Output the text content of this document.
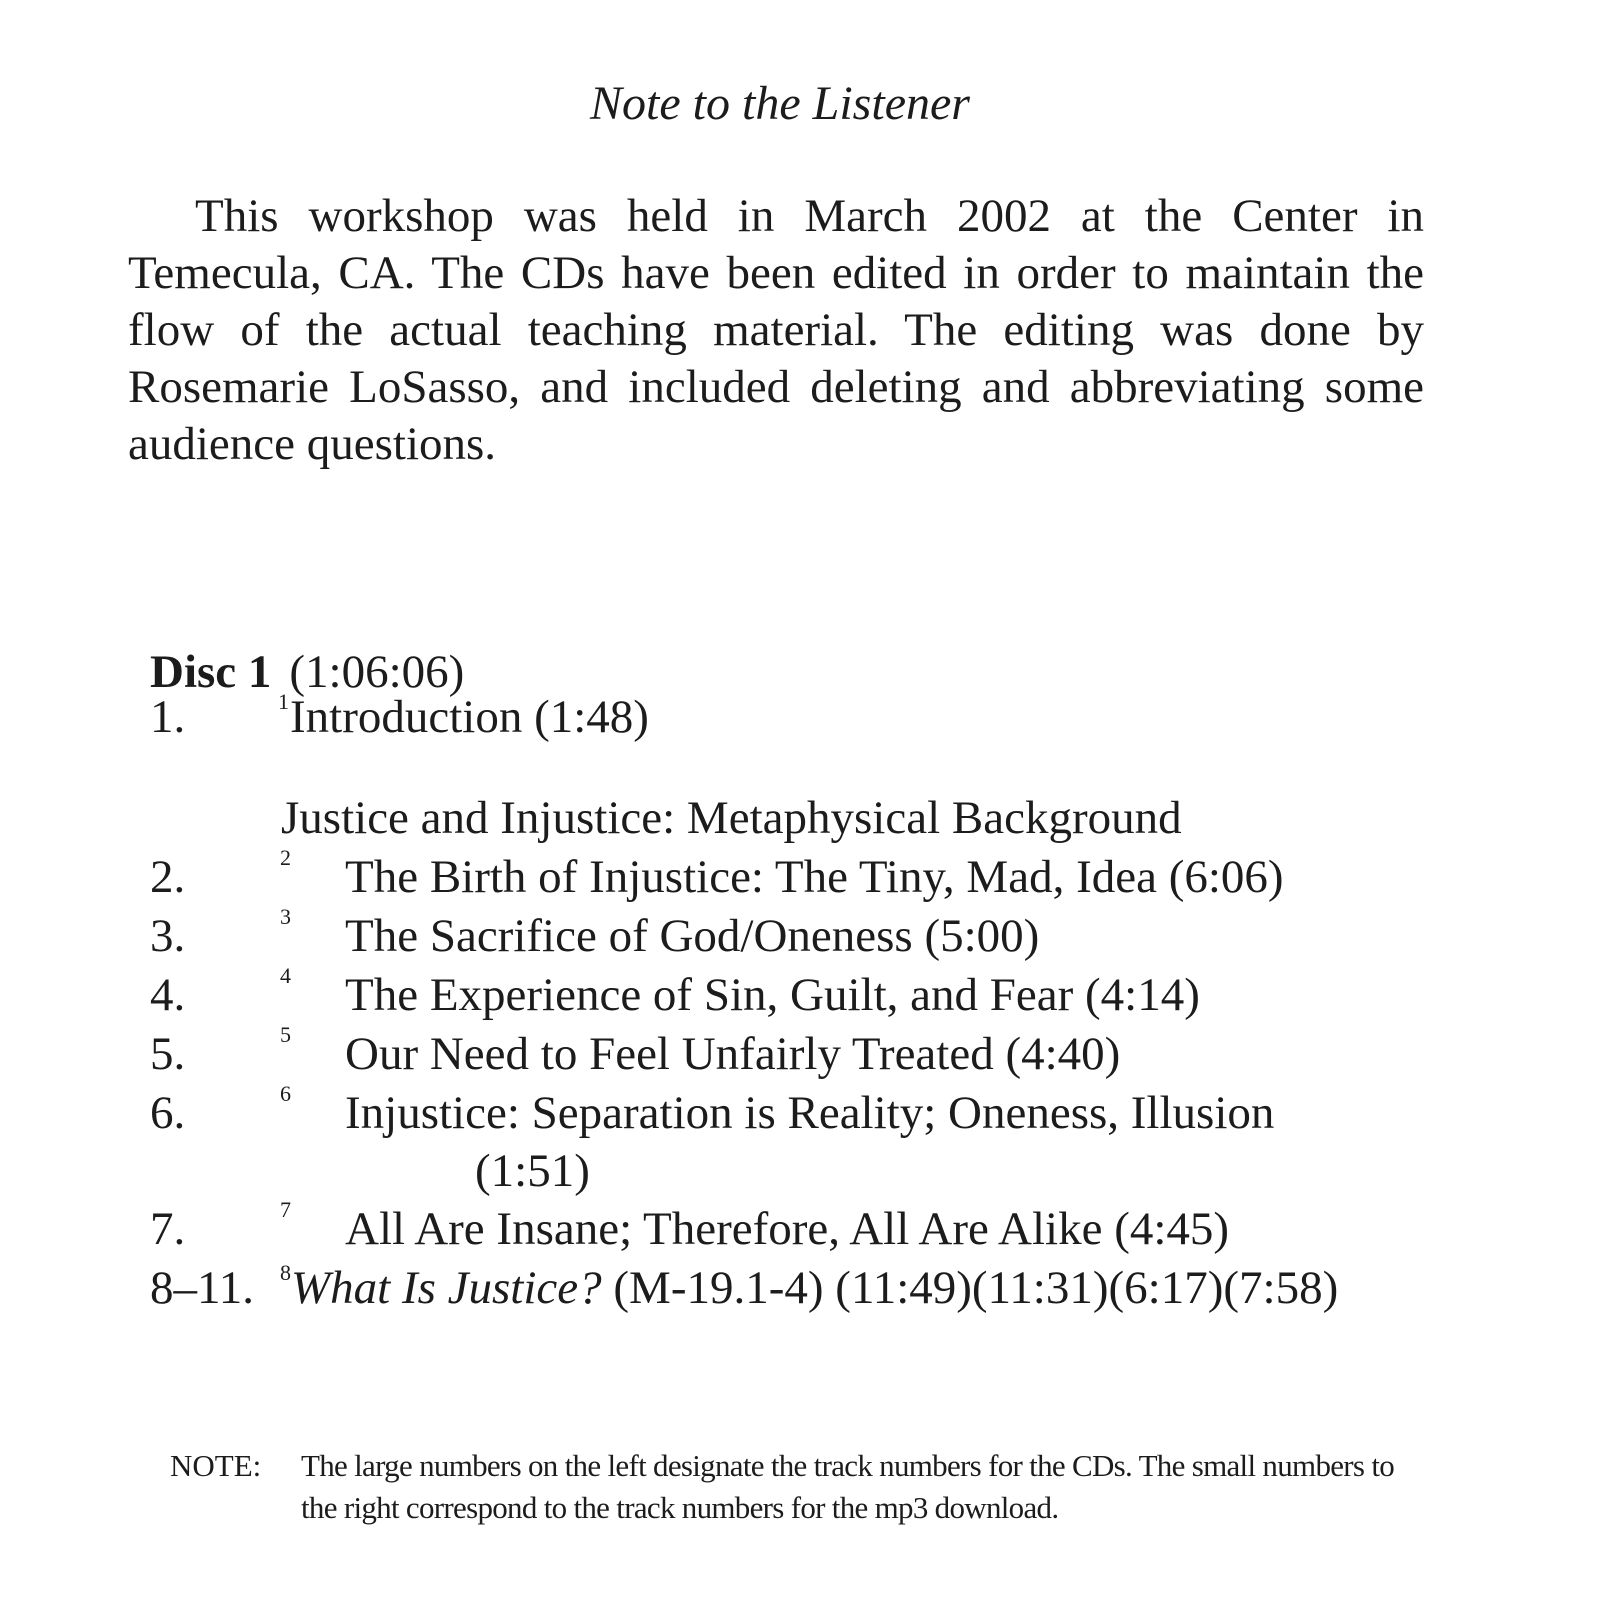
Note to the Listener

This workshop was held in March 2002 at the Center in Temecula, CA. The CDs have been edited in order to maintain the flow of the actual teaching material. The editing was done by Rosemarie LoSasso, and included deleting and abbreviating some audience questions.

Disc 1 (1:06:06)
1.	1 Introduction (1:48)
Justice and Injustice: Metaphysical Background
2.	2 The Birth of Injustice: The Tiny, Mad, Idea (6:06)
3.	3 The Sacrifice of God/Oneness (5:00)
4.	4 The Experience of Sin, Guilt, and Fear (4:14)
5.	5 Our Need to Feel Unfairly Treated (4:40)
6.	6 Injustice: Separation is Reality; Oneness, Illusion
(1:51)
7.	7 All Are Insane; Therefore, All Are Alike (4:45)
8–11. 8 What Is Justice? (M-19.1-4) (11:49)(11:31)(6:17)(7:58)
NOTE: The large numbers on the left designate the track numbers for the CDs. The small numbers to the right correspond to the track numbers for the mp3 download.
